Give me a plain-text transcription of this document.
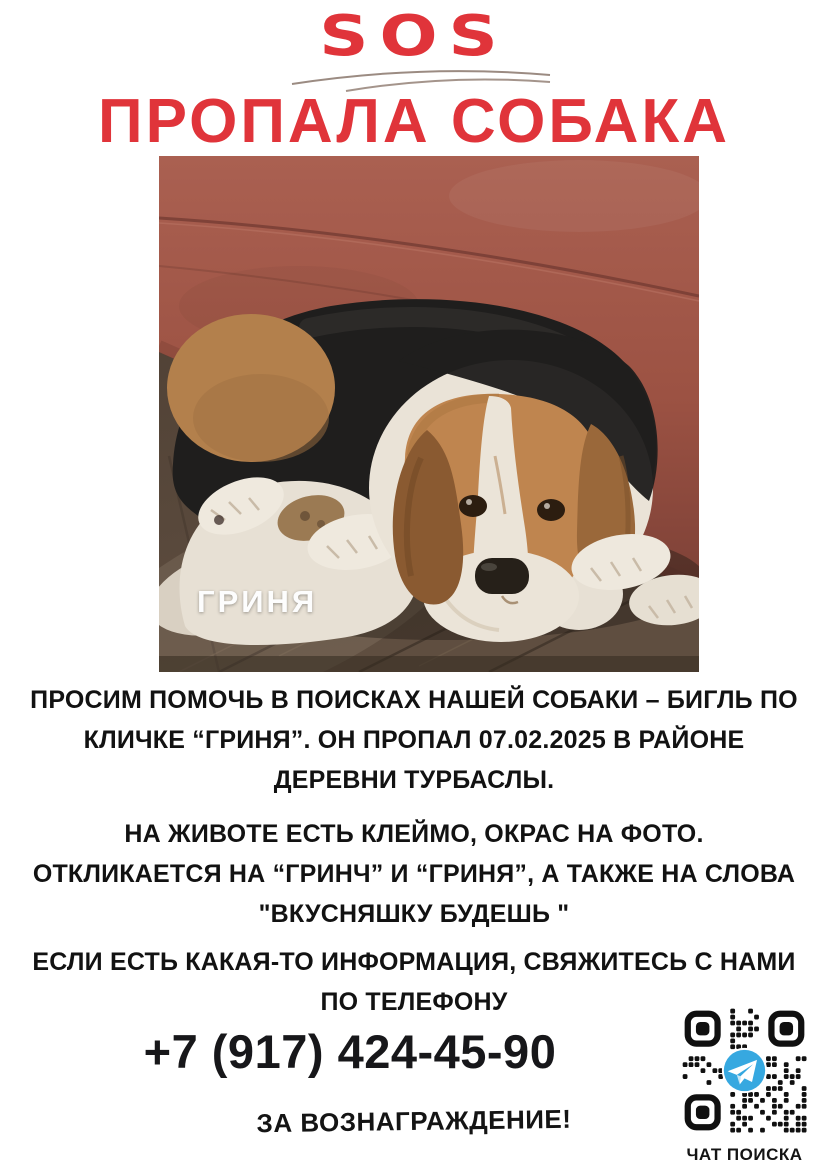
SOS
ПРОПАЛА СОБАКА
ГРИНЯ
ПРОСИМ ПОМОЧЬ В ПОИСКАХ НАШЕЙ СОБАКИ – БИГЛЬ ПО
КЛИЧКЕ “ГРИНЯ”. ОН ПРОПАЛ 07.02.2025 В РАЙОНЕ
ДЕРЕВНИ ТУРБАСЛЫ.
НА ЖИВОТЕ ЕСТЬ КЛЕЙМО, ОКРАС НА ФОТО.
ОТКЛИКАЕТСЯ НА “ГРИНЧ” И “ГРИНЯ”, А ТАКЖЕ НА СЛОВА
"ВКУСНЯШКУ БУДЕШЬ "
ЕСЛИ ЕСТЬ КАКАЯ-ТО ИНФОРМАЦИЯ, СВЯЖИТЕСЬ С НАМИ
ПО ТЕЛЕФОНУ
+7 (917) 424-45-90
ЗА ВОЗНАГРАЖДЕНИЕ!
ЧАТ ПОИСКА
